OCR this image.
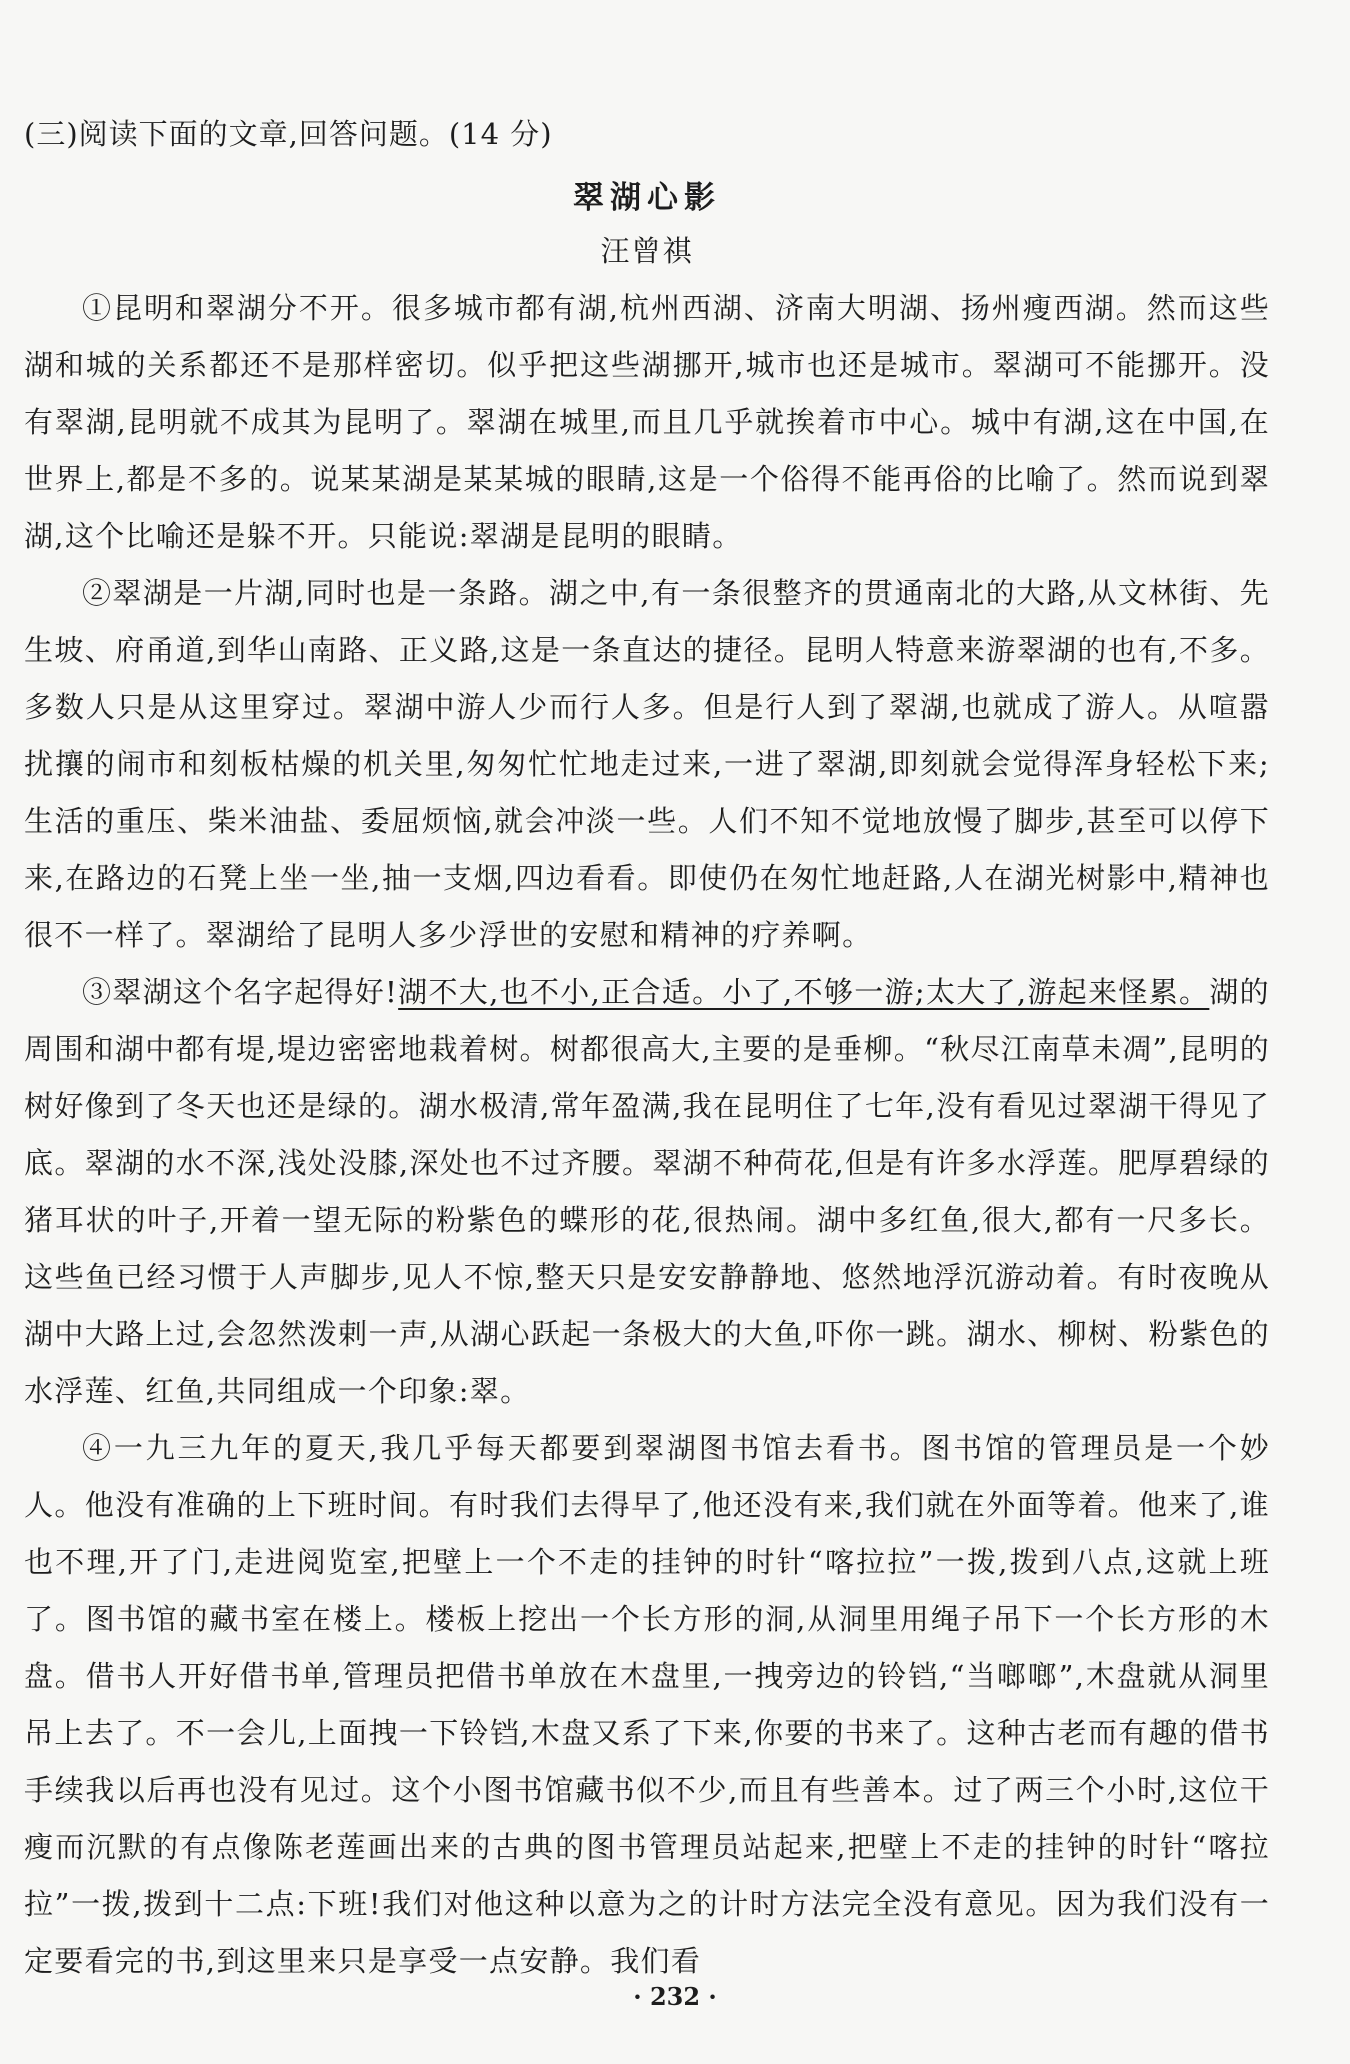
(三)阅读下面的文章,回答问题。(14 分)

翠湖心影

汪曾祺

①昆明和翠湖分不开。很多城市都有湖,杭州西湖、济南大明湖、扬州瘦西湖。然而这些湖和城的关系都还不是那样密切。似乎把这些湖挪开,城市也还是城市。翠湖可不能挪开。没有翠湖,昆明就不成其为昆明了。翠湖在城里,而且几乎就挨着市中心。城中有湖,这在中国,在世界上,都是不多的。说某某湖是某某城的眼睛,这是一个俗得不能再俗的比喻了。然而说到翠湖,这个比喻还是躲不开。只能说:翠湖是昆明的眼睛。

②翠湖是一片湖,同时也是一条路。湖之中,有一条很整齐的贯通南北的大路,从文林街、先生坡、府甬道,到华山南路、正义路,这是一条直达的捷径。昆明人特意来游翠湖的也有,不多。多数人只是从这里穿过。翠湖中游人少而行人多。但是行人到了翠湖,也就成了游人。从喧嚣扰攘的闹市和刻板枯燥的机关里,匆匆忙忙地走过来,一进了翠湖,即刻就会觉得浑身轻松下来;生活的重压、柴米油盐、委屈烦恼,就会冲淡一些。人们不知不觉地放慢了脚步,甚至可以停下来,在路边的石凳上坐一坐,抽一支烟,四边看看。即使仍在匆忙地赶路,人在湖光树影中,精神也很不一样了。翠湖给了昆明人多少浮世的安慰和精神的疗养啊。

③翠湖这个名字起得好!湖不大,也不小,正合适。小了,不够一游;太大了,游起来怪累。湖的周围和湖中都有堤,堤边密密地栽着树。树都很高大,主要的是垂柳。“秋尽江南草未凋”,昆明的树好像到了冬天也还是绿的。湖水极清,常年盈满,我在昆明住了七年,没有看见过翠湖干得见了底。翠湖的水不深,浅处没膝,深处也不过齐腰。翠湖不种荷花,但是有许多水浮莲。肥厚碧绿的猪耳状的叶子,开着一望无际的粉紫色的蝶形的花,很热闹。湖中多红鱼,很大,都有一尺多长。这些鱼已经习惯于人声脚步,见人不惊,整天只是安安静静地、悠然地浮沉游动着。有时夜晚从湖中大路上过,会忽然泼剌一声,从湖心跃起一条极大的大鱼,吓你一跳。湖水、柳树、粉紫色的水浮莲、红鱼,共同组成一个印象:翠。

④一九三九年的夏天,我几乎每天都要到翠湖图书馆去看书。图书馆的管理员是一个妙人。他没有准确的上下班时间。有时我们去得早了,他还没有来,我们就在外面等着。他来了,谁也不理,开了门,走进阅览室,把壁上一个不走的挂钟的时针“喀拉拉”一拨,拨到八点,这就上班了。图书馆的藏书室在楼上。楼板上挖出一个长方形的洞,从洞里用绳子吊下一个长方形的木盘。借书人开好借书单,管理员把借书单放在木盘里,一拽旁边的铃铛,“当啷啷”,木盘就从洞里吊上去了。不一会儿,上面拽一下铃铛,木盘又系了下来,你要的书来了。这种古老而有趣的借书手续我以后再也没有见过。这个小图书馆藏书似不少,而且有些善本。过了两三个小时,这位干瘦而沉默的有点像陈老莲画出来的古典的图书管理员站起来,把壁上不走的挂钟的时针“喀拉拉”一拨,拨到十二点:下班!我们对他这种以意为之的计时方法完全没有意见。因为我们没有一定要看完的书,到这里来只是享受一点安静。我们看

· 232 ·
